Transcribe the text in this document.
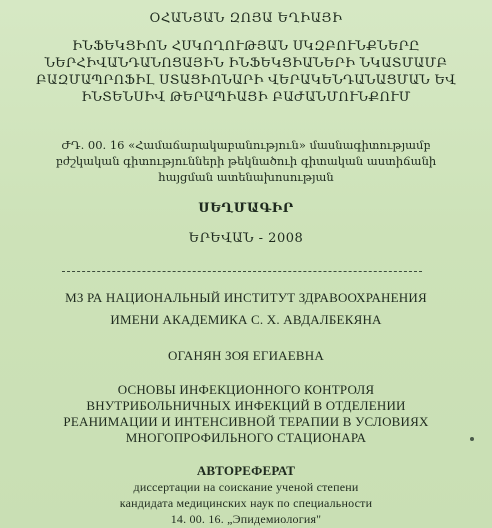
ՕՀԱՆՅԱՆ ԶՈՅԱ ԵՂԻԱՅԻ
ԻՆՖԵԿՑԻՈՆ ՀՍԿՈՂՈՒԹՅԱՆ ՍԿԶԲՈՒՆՔՆԵՐԸ
ՆԵՐՀԻՎԱՆԴԱՆՈՑԱՅԻՆ ԻՆՖԵԿՑԻԱՆԵՐԻ ՆԿԱՏՄԱՄԲ
ԲԱԶՄԱՊՐՈՖԻԼ ՍՏԱՑԻՈՆԱՐԻ ՎԵՐԱԿԵՆԴԱՆԱՑՄԱՆ ԵՎ
ԻՆՏԵՆՍԻՎ ԹԵՐԱՊԻԱՅԻ ԲԱԺԱՆՄՈՒՆՔՈՒՄ
ԺԴ. 00. 16 «Համաճարակաբանություն» մասնագիտությամբ
բժշկական գիտությունների թեկնածուի գիտական աստիճանի
հայցման ատենախոսության
ՍԵՂՄԱԳԻՐ
ԵՐԵՎԱՆ - 2008
МЗ РА НАЦИОНАЛЬНЫЙ ИНСТИТУТ ЗДРАВООХРАНЕНИЯ
ИМЕНИ АКАДЕМИКА С. Х. АВДАЛБЕКЯНА
ОГАНЯН ЗОЯ ЕГИАЕВНА
ОСНОВЫ ИНФЕКЦИОННОГО КОНТРОЛЯ
ВНУТРИБОЛЬНИЧНЫХ ИНФЕКЦИЙ В ОТДЕЛЕНИИ
РЕАНИМАЦИИ И ИНТЕНСИВНОЙ ТЕРАПИИ В УСЛОВИЯХ
МНОГОПРОФИЛЬНОГО СТАЦИОНАРА
АВТОРЕФЕРАТ
диссертации на соискание ученой степени
кандидата медицинских наук по специальности
14. 00. 16. „Эпидемиология"
